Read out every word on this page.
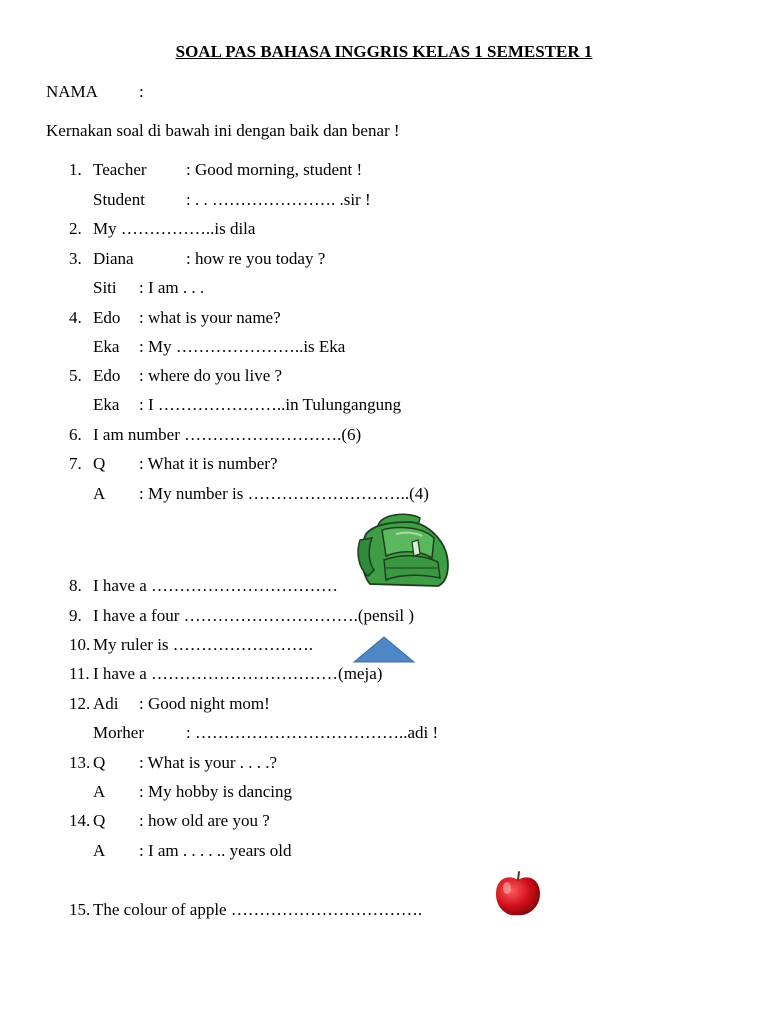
SOAL PAS BAHASA INGGRIS KELAS 1 SEMESTER 1
NAMA :
Kernakan soal di bawah ini dengan baik dan benar !
1. Teacher : Good morning, student !
Student : . . …………………. .sir !
2. My ……………..is dila
3. Diana	: how re you today ?
Siti : I am . . .
4. Edo : what is your name?
Eka : My …………………..is Eka
5. Edo : where do you live ?
Eka : I …………………..in Tulungangung
6. I am number ……………………….(6)
7. Q : What it is number?
A : My number is ………………………..(4)
8. I have a ……………………………
9. I have a four ………………………….(pensil )
10. My ruler is …………………….
11. I have a ……………………………(meja)
12. Adi : Good night mom!
Morher : ………………………………..adi !
13. Q : What is your . . . .?
A : My hobby is dancing
14. Q : how old are you ?
A : I am . . . . .. years old
15. The colour of apple …………………………….
